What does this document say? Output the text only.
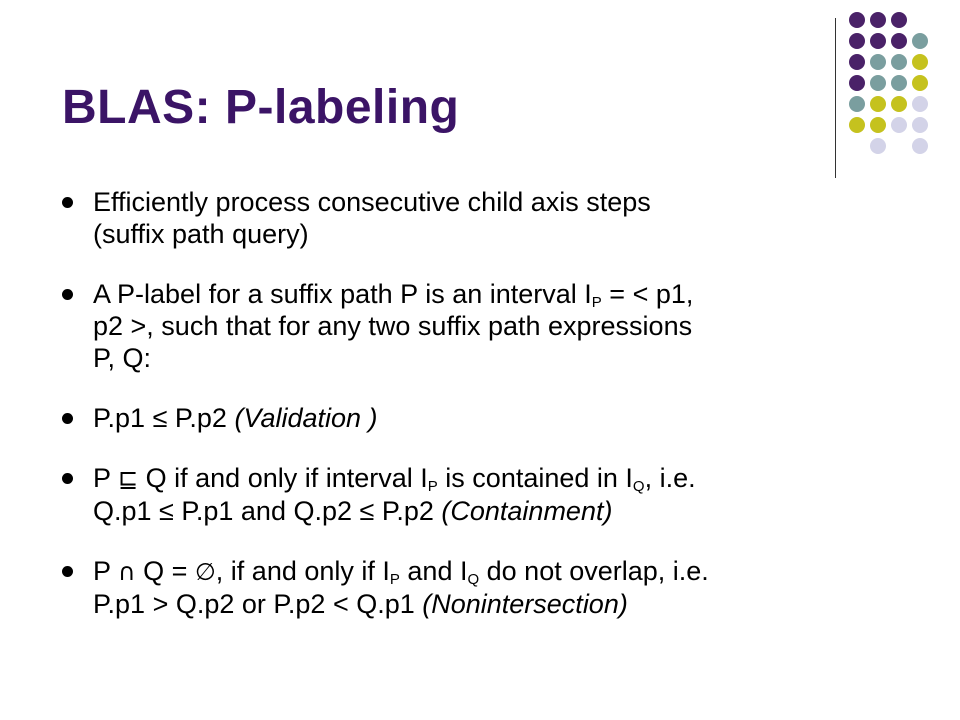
BLAS: P-labeling
Efficiently process consecutive child axis steps
(suffix path query)
A P-label for a suffix path P is an interval $I_P$ = < p1,
p2 >, such that for any two suffix path expressions
P, Q:
P.p1 ≤ P.p2 (Validation )
P ⊑ Q if and only if interval $I_P$ is contained in $I_Q$, i.e.
Q.p1 ≤ P.p1 and Q.p2 ≤ P.p2 (Containment)
P ∩ Q = ∅, if and only if $I_P$ and $I_Q$ do not overlap, i.e.
P.p1 > Q.p2 or P.p2 < Q.p1 (Nonintersection)
